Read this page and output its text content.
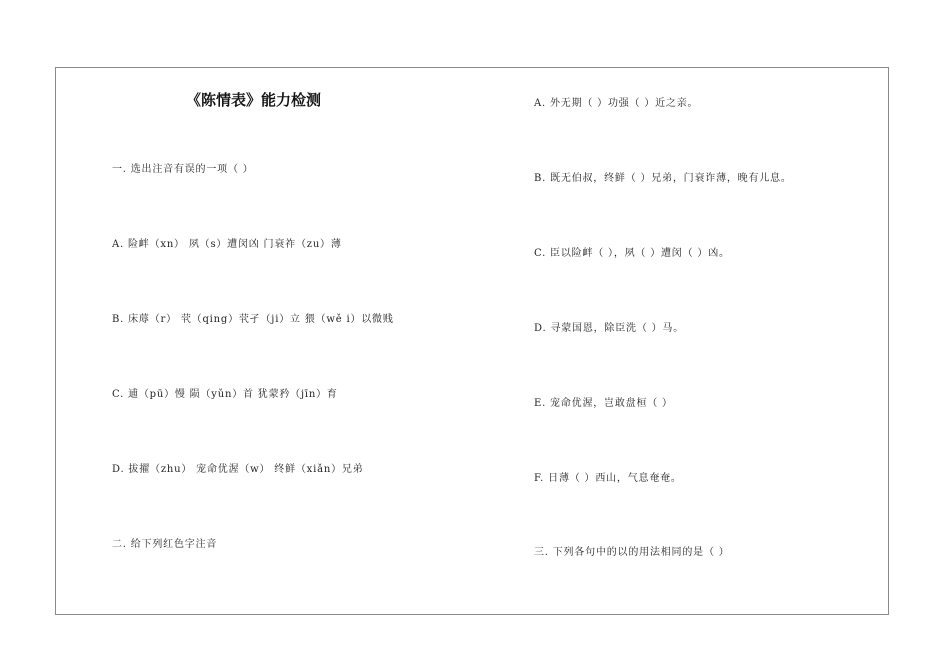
《陈情表》能力检测
一. 选出注音有误的一项（ ）
A. 险衅（xn） 夙（s）遭闵凶 门衰祚（zu）薄
B. 床蓐（r） 茕（qing）茕孑（ji）立 猥（wě i）以微贱
C. 逋（pū）慢 陨（yǔn）首 犹蒙矜（jīn）育
D. 拔擢（zhu） 宠命优渥（w） 终鲜（xiǎn）兄弟
二. 给下列红色字注音
A. 外无期（ ）功强（ ）近之亲。
B. 既无伯叔，终鲜（ ）兄弟，门衰诈薄，晚有儿息。
C. 臣以险衅（ ），夙（ ）遭闵（ ）凶。
D. 寻蒙国恩，除臣洗（ ）马。
E. 宠命优渥，岂敢盘桓（ ）
F. 日薄（ ）西山，气息奄奄。
三. 下列各句中的以的用法相同的是（ ）
